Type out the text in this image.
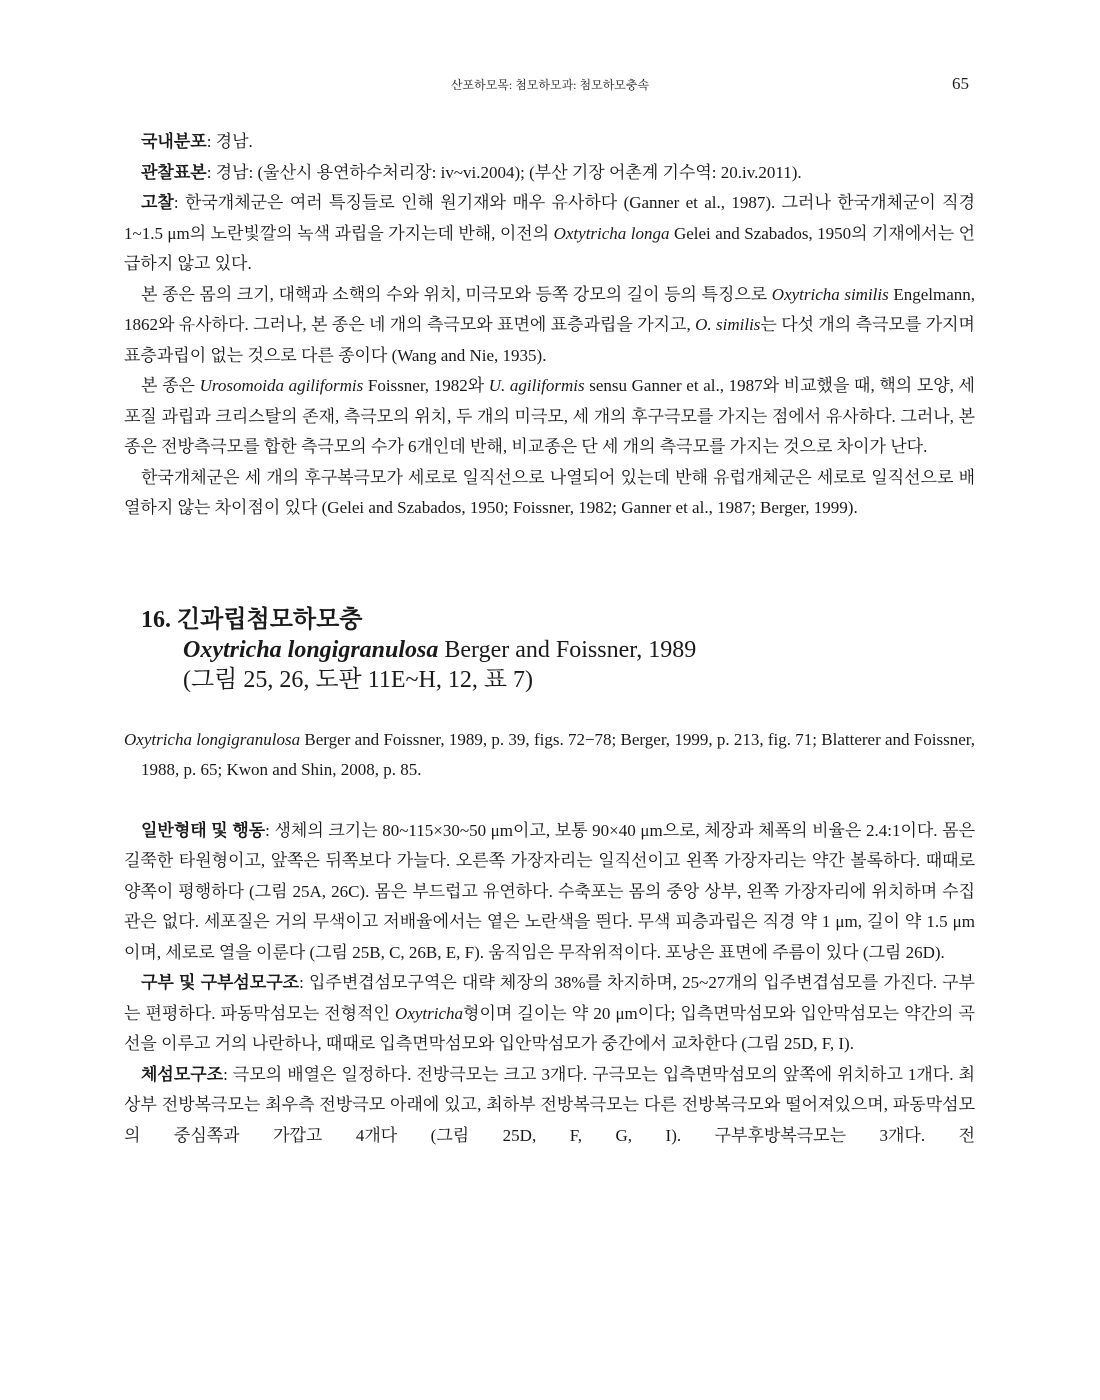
산포하모목: 첨모하모과: 첨모하모충속	65

국내분포: 경남.

관찰표본: 경남: (울산시 용연하수처리장: iv~vi.2004); (부산 기장 어촌계 기수역: 20.iv.2011).

고찰: 한국개체군은 여러 특징들로 인해 원기재와 매우 유사하다 (Ganner et al., 1987). 그러나 한국개체군이 직경 1~1.5 μm의 노란빛깔의 녹색 과립을 가지는데 반해, 이전의 Oxtytricha longa Gelei and Szabados, 1950의 기재에서는 언급하지 않고 있다.

본 종은 몸의 크기, 대핵과 소핵의 수와 위치, 미극모와 등쪽 강모의 길이 등의 특징으로 Oxytricha similis Engelmann, 1862와 유사하다. 그러나, 본 종은 네 개의 측극모와 표면에 표층과립을 가지고, O. similis는 다섯 개의 측극모를 가지며 표층과립이 없는 것으로 다른 종이다 (Wang and Nie, 1935).

본 종은 Urosomoida agiliformis Foissner, 1982와 U. agiliformis sensu Ganner et al., 1987와 비교했을 때, 핵의 모양, 세포질 과립과 크리스탈의 존재, 측극모의 위치, 두 개의 미극모, 세 개의 후구극모를 가지는 점에서 유사하다. 그러나, 본 종은 전방측극모를 합한 측극모의 수가 6개인데 반해, 비교종은 단 세 개의 측극모를 가지는 것으로 차이가 난다.

한국개체군은 세 개의 후구복극모가 세로로 일직선으로 나열되어 있는데 반해 유럽개체군은 세로로 일직선으로 배열하지 않는 차이점이 있다 (Gelei and Szabados, 1950; Foissner, 1982; Ganner et al., 1987; Berger, 1999).

16. 긴과립첨모하모충
Oxytricha longigranulosa Berger and Foissner, 1989
(그림 25, 26, 도판 11E~H, 12, 표 7)

Oxytricha longigranulosa Berger and Foissner, 1989, p. 39, figs. 72−78; Berger, 1999, p. 213, fig. 71; Blatterer and Foissner, 1988, p. 65; Kwon and Shin, 2008, p. 85.

일반형태 및 행동: 생체의 크기는 80~115×30~50 μm이고, 보통 90×40 μm으로, 체장과 체폭의 비율은 2.4:1이다. 몸은 길쭉한 타원형이고, 앞쪽은 뒤쪽보다 가늘다. 오른쪽 가장자리는 일직선이고 왼쪽 가장자리는 약간 볼록하다. 때때로 양쪽이 평행하다 (그림 25A, 26C). 몸은 부드럽고 유연하다. 수축포는 몸의 중앙 상부, 왼쪽 가장자리에 위치하며 수집관은 없다. 세포질은 거의 무색이고 저배율에서는 옅은 노란색을 띈다. 무색 피층과립은 직경 약 1 μm, 길이 약 1.5 μm이며, 세로로 열을 이룬다 (그림 25B, C, 26B, E, F). 움직임은 무작위적이다. 포낭은 표면에 주름이 있다 (그림 26D).

구부 및 구부섬모구조: 입주변겹섬모구역은 대략 체장의 38%를 차지하며, 25~27개의 입주변겹섬모를 가진다. 구부는 편평하다. 파동막섬모는 전형적인 Oxytricha형이며 길이는 약 20 μm이다; 입측면막섬모와 입안막섬모는 약간의 곡선을 이루고 거의 나란하나, 때때로 입측면막섬모와 입안막섬모가 중간에서 교차한다 (그림 25D, F, I).

체섬모구조: 극모의 배열은 일정하다. 전방극모는 크고 3개다. 구극모는 입측면막섬모의 앞쪽에 위치하고 1개다. 최상부 전방복극모는 최우측 전방극모 아래에 있고, 최하부 전방복극모는 다른 전방복극모와 떨어져있으며, 파동막섬모의 중심쪽과 가깝고 4개다 (그림 25D, F, G, I). 구부후방복극모는 3개다. 전
